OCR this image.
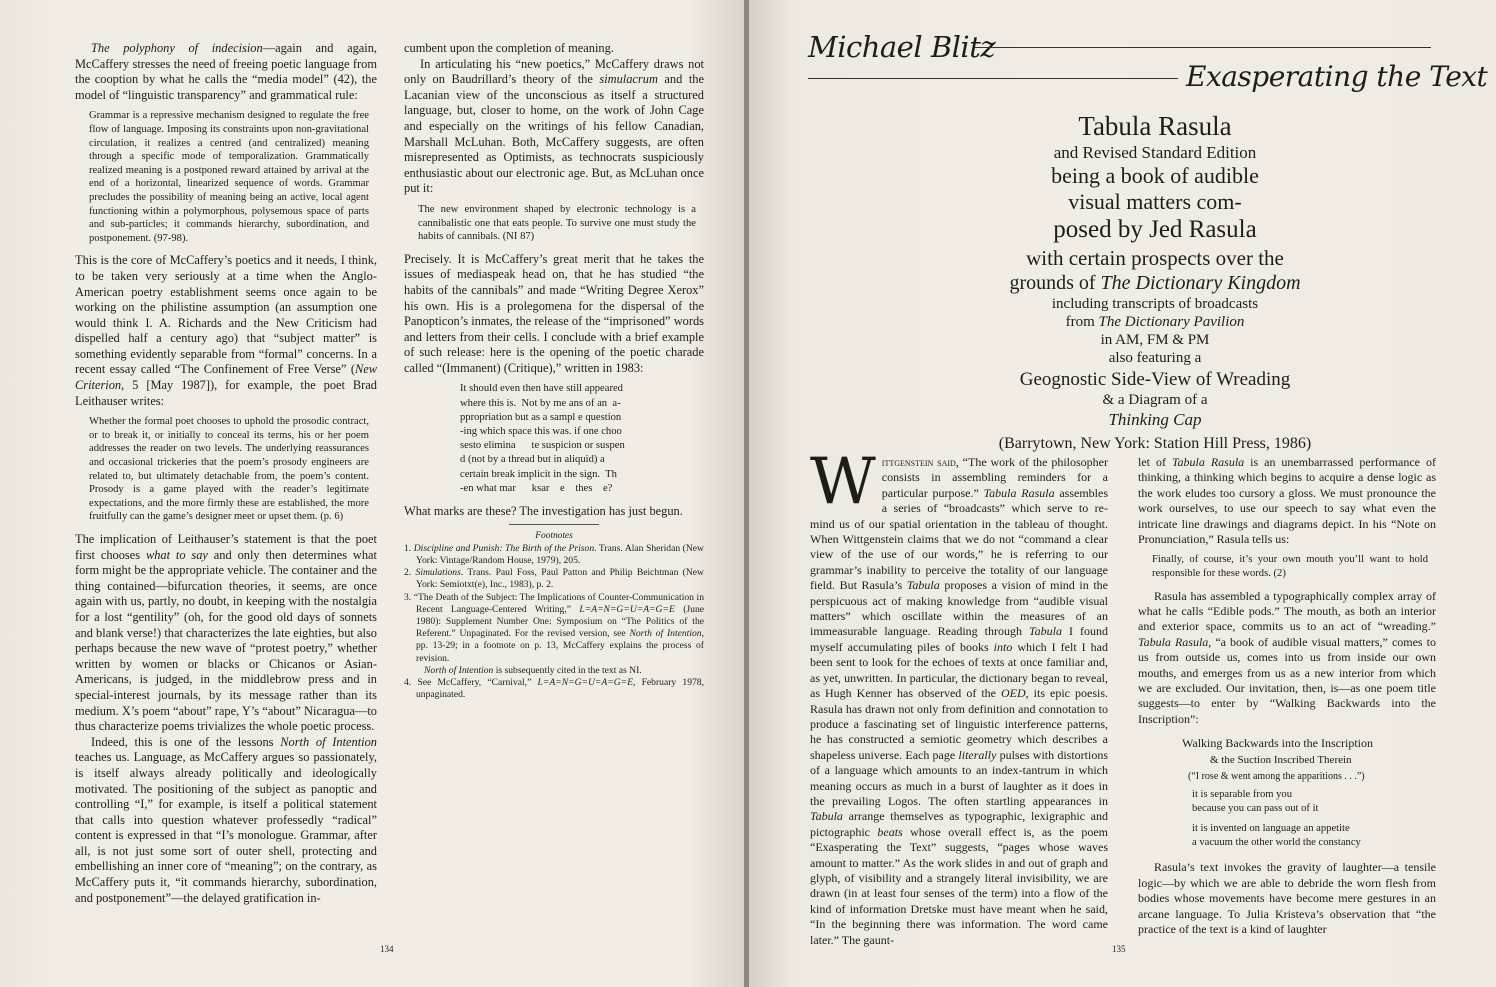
The polyphony of indecision—again and again, McCaffery stresses the need of freeing poetic language from the cooption by what he calls the “media model” (42), the model of “linguistic transparency” and grammatical rule:

Grammar is a repressive mechanism designed to regulate the free flow of language. Imposing its constraints upon non-gravitational circulation, it realizes a centred (and centralized) meaning through a specific mode of temporalization. Grammatically realized meaning is a postponed reward attained by arrival at the end of a horizontal, linearized sequence of words. Grammar precludes the possibility of meaning being an active, local agent functioning within a polymorphous, polysemous space of parts and sub-particles; it commands hierarchy, subordination, and postponement. (97-98).

This is the core of McCaffery’s poetics and it needs, I think, to be taken very seriously at a time when the Anglo-American poetry establishment seems once again to be working on the philistine assumption (an assumption one would think I. A. Richards and the New Criticism had dispelled half a century ago) that “subject matter” is something evidently separable from “formal” concerns. In a recent essay called “The Confinement of Free Verse” (New Criterion, 5 [May 1987]), for example, the poet Brad Leithauser writes:

Whether the formal poet chooses to uphold the prosodic contract, or to break it, or initially to conceal its terms, his or her poem addresses the reader on two levels. The underlying reassurances and occasional trickeries that the poem’s prosody engineers are related to, but ultimately detachable from, the poem’s content. Prosody is a game played with the reader’s legitimate expectations, and the more firmly these are established, the more fruitfully can the game’s designer meet or upset them. (p. 6)

The implication of Leithauser’s statement is that the poet first chooses what to say and only then determines what form might be the appropriate vehicle. The container and the thing contained—bifurcation theories, it seems, are once again with us, partly, no doubt, in keeping with the nostalgia for a lost “gentility” (oh, for the good old days of sonnets and blank verse!) that characterizes the late eighties, but also perhaps because the new wave of “protest poetry,” whether written by women or blacks or Chicanos or Asian-Americans, is judged, in the middlebrow press and in special-interest journals, by its message rather than its medium. X’s poem “about” rape, Y’s “about” Nicaragua—to thus characterize poems trivializes the whole poetic process.

Indeed, this is one of the lessons North of Intention teaches us. Language, as McCaffery argues so passionately, is itself always already politically and ideologically motivated. The positioning of the subject as panoptic and controlling “I,” for example, is itself a political statement that calls into question whatever professedly “radical” content is expressed in that “I’s monologue. Grammar, after all, is not just some sort of outer shell, protecting and embellishing an inner core of “meaning”; on the contrary, as McCaffery puts it, “it commands hierarchy, subordination, and postponement”—the delayed gratification in-

cumbent upon the completion of meaning.

In articulating his “new poetics,” McCaffery draws not only on Baudrillard’s theory of the simulacrum and the Lacanian view of the unconscious as itself a structured language, but, closer to home, on the work of John Cage and especially on the writings of his fellow Canadian, Marshall McLuhan. Both, McCaffery suggests, are often misrepresented as Optimists, as technocrats suspiciously enthusiastic about our electronic age. But, as McLuhan once put it:

The new environment shaped by electronic technology is a cannibalistic one that eats people. To survive one must study the habits of cannibals. (NI 87)

Precisely. It is McCaffery’s great merit that he takes the issues of mediaspeak head on, that he has studied “the habits of the cannibals” and made “Writing Degree Xerox” his own. His is a prolegomena for the dispersal of the Panopticon’s inmates, the release of the “imprisoned” words and letters from their cells. I conclude with a brief example of such release: here is the opening of the poetic charade called “(Immanent) (Critique),” written in 1983:

It should even then have still appeared
where this is.  Not by me ans of an  a-
ppropriation but as a sampl e question
-ing which space this was. if one choo
sesto elimina      te suspicion or suspen
d (not by a thread but in aliquid) a
certain break implicit in the sign.  Th
-en what mar      ksar    e    thes    e?

What marks are these? The investigation has just begun.

Footnotes

1. Discipline and Punish: The Birth of the Prison. Trans. Alan Sheridan (New York: Vintage/Random House, 1979), 205.

2. Simulations. Trans. Paul Foss, Paul Patton and Philip Beichtman (New York: Semiotxt(e), Inc., 1983), p. 2.

3. “The Death of the Subject: The Implications of Counter-Communication in Recent Language-Centered Writing,” L=A=N=G=U=A=G=E (June 1980): Supplement Number One: Symposium on “The Politics of the Referent.” Unpaginated. For the revised version, see North of Intention, pp. 13-29; in a footnote on p. 13, McCaffery explains the process of revision.

North of Intention is subsequently cited in the text as NI.

4. See McCaffery, “Carnival,” L=A=N=G=U=A=G=E, February 1978, unpaginated.

134
Michael Blitz
Exasperating the Text
Tabula Rasula
and Revised Standard Edition
being a book of audible
visual matters com-
posed by Jed Rasula
with certain prospects over the
grounds of The Dictionary Kingdom
including transcripts of broadcasts
from The Dictionary Pavilion
in AM, FM & PM
also featuring a
Geognostic Side-View of Wreading
& a Diagram of a
Thinking Cap
(Barrytown, New York: Station Hill Press, 1986)

Wittgenstein said, “The work of the philosopher consists in assembling reminders for a particular purpose.” Tabula Rasula assembles a series of “broadcasts” which serve to re-mind us of our spatial orientation in the tableau of thought. When Wittgenstein claims that we do not “command a clear view of the use of our words,” he is referring to our grammar’s inability to perceive the totality of our language field. But Rasula’s Tabula proposes a vision of mind in the perspicuous act of making knowledge from “audible visual matters” which oscillate within the measures of an immeasurable language. Reading through Tabula I found myself accumulating piles of books into which I felt I had been sent to look for the echoes of texts at once familiar and, as yet, unwritten. In particular, the dictionary began to reveal, as Hugh Kenner has observed of the OED, its epic poesis. Rasula has drawn not only from definition and connotation to produce a fascinating set of linguistic interference patterns, he has constructed a semiotic geometry which describes a shapeless universe. Each page literally pulses with distortions of a language which amounts to an index-tantrum in which meaning occurs as much in a burst of laughter as it does in the prevailing Logos. The often startling appearances in Tabula arrange themselves as typographic, lexigraphic and pictographic beats whose overall effect is, as the poem “Exasperating the Text” suggests, “pages whose waves amount to matter.” As the work slides in and out of graph and glyph, of visibility and a strangely literal invisibility, we are drawn (in at least four senses of the term) into a flow of the kind of information Dretske must have meant when he said, “In the beginning there was information. The word came later.” The gaunt-

let of Tabula Rasula is an unembarrassed performance of thinking, a thinking which begins to acquire a dense logic as the work eludes too cursory a gloss. We must pronounce the work ourselves, to use our speech to say what even the intricate line drawings and diagrams depict. In his “Note on Pronunciation,” Rasula tells us:

Finally, of course, it’s your own mouth you’ll want to hold responsible for these words. (2)

Rasula has assembled a typographically complex array of what he calls “Edible pods.” The mouth, as both an interior and exterior space, commits us to an act of “wreading.” Tabula Rasula, “a book of audible visual matters,” comes to us from outside us, comes into us from inside our own mouths, and emerges from us as a new interior from which we are excluded. Our invitation, then, is—as one poem title suggests—to enter by “Walking Backwards into the Inscription”:

Walking Backwards into the Inscription

& the Suction Inscribed Therein

(“I rose & went among the apparitions . . .”)

it is separable from you

because you can pass out of it

it is invented on language an appetite

a vacuum the other world the constancy

Rasula’s text invokes the gravity of laughter—a tensile logic—by which we are able to debride the worn flesh from bodies whose movements have become mere gestures in an arcane language. To Julia Kristeva’s observation that “the practice of the text is a kind of laughter

135
